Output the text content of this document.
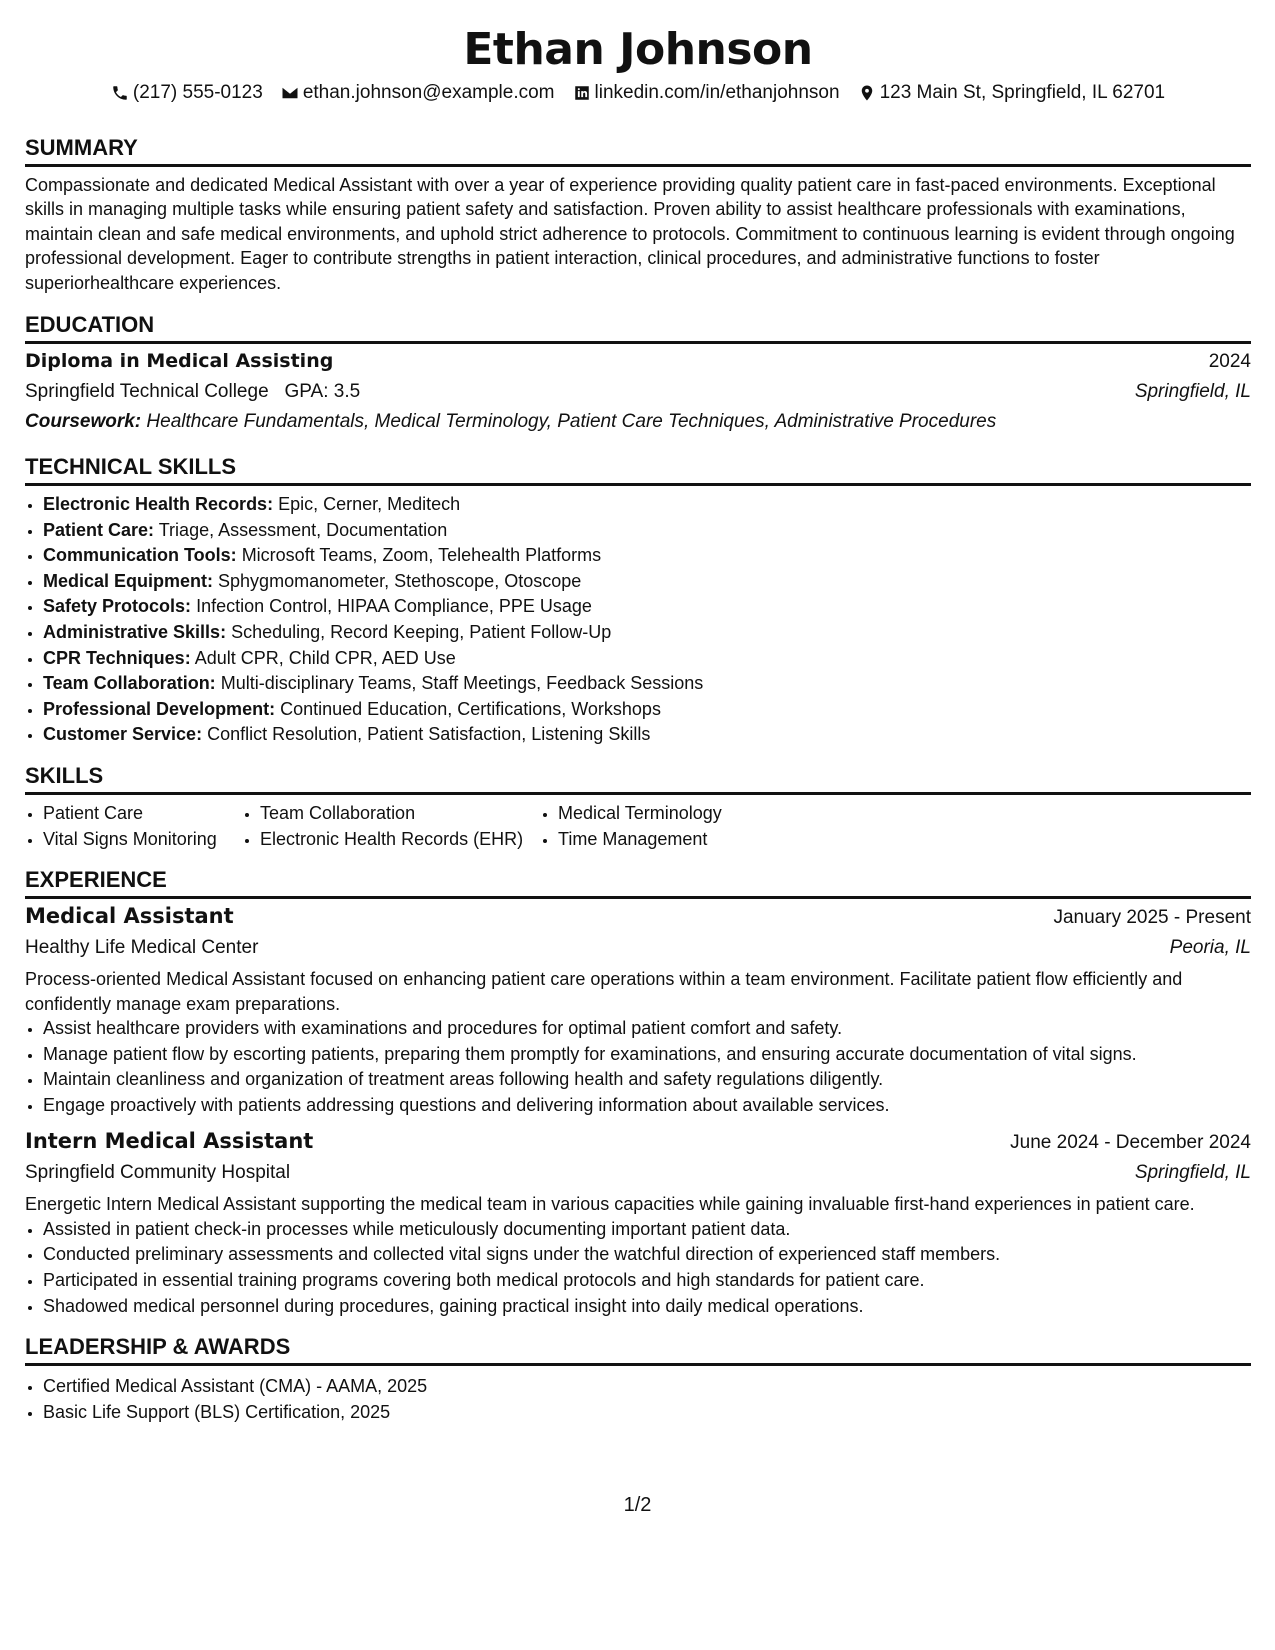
Ethan Johnson
(217) 555-0123 ethan.johnson@example.com linkedin.com/in/ethanjohnson 123 Main St, Springfield, IL 62701
SUMMARY

Compassionate and dedicated Medical Assistant with over a year of experience providing quality patient care in fast-paced environments. Exceptional skills in managing multiple tasks while ensuring patient safety and satisfaction. Proven ability to assist healthcare professionals with examinations, maintain clean and safe medical environments, and uphold strict adherence to protocols. Commitment to continuous learning is evident through ongoing professional development. Eager to contribute strengths in patient interaction, clinical procedures, and administrative functions to foster superiorhealthcare experiences.

EDUCATION
Diploma in Medical Assisting	2024
Springfield Technical College GPA: 3.5	Springfield, IL
Coursework: Healthcare Fundamentals, Medical Terminology, Patient Care Techniques, Administrative Procedures
TECHNICAL SKILLS
• Electronic Health Records: Epic, Cerner, Meditech
• Patient Care: Triage, Assessment, Documentation
• Communication Tools: Microsoft Teams, Zoom, Telehealth Platforms
• Medical Equipment: Sphygmomanometer, Stethoscope, Otoscope
• Safety Protocols: Infection Control, HIPAA Compliance, PPE Usage
• Administrative Skills: Scheduling, Record Keeping, Patient Follow-Up
• CPR Techniques: Adult CPR, Child CPR, AED Use
• Team Collaboration: Multi-disciplinary Teams, Staff Meetings, Feedback Sessions
• Professional Development: Continued Education, Certifications, Workshops
• Customer Service: Conflict Resolution, Patient Satisfaction, Listening Skills
SKILLS
• Patient Care
• Vital Signs Monitoring
• Team Collaboration
• Electronic Health Records (EHR)
• Medical Terminology
• Time Management
EXPERIENCE
Medical Assistant	January 2025 - Present
Healthy Life Medical Center	Peoria, IL

Process-oriented Medical Assistant focused on enhancing patient care operations within a team environment. Facilitate patient flow efficiently and confidently manage exam preparations.

• Assist healthcare providers with examinations and procedures for optimal patient comfort and safety.
• Manage patient flow by escorting patients, preparing them promptly for examinations, and ensuring accurate documentation of vital signs.
• Maintain cleanliness and organization of treatment areas following health and safety regulations diligently.
• Engage proactively with patients addressing questions and delivering information about available services.
Intern Medical Assistant	June 2024 - December 2024
Springfield Community Hospital	Springfield, IL

Energetic Intern Medical Assistant supporting the medical team in various capacities while gaining invaluable first-hand experiences in patient care.

• Assisted in patient check-in processes while meticulously documenting important patient data.
• Conducted preliminary assessments and collected vital signs under the watchful direction of experienced staff members.
• Participated in essential training programs covering both medical protocols and high standards for patient care.
• Shadowed medical personnel during procedures, gaining practical insight into daily medical operations.
LEADERSHIP & AWARDS
• Certified Medical Assistant (CMA) - AAMA, 2025
• Basic Life Support (BLS) Certification, 2025
1/2
